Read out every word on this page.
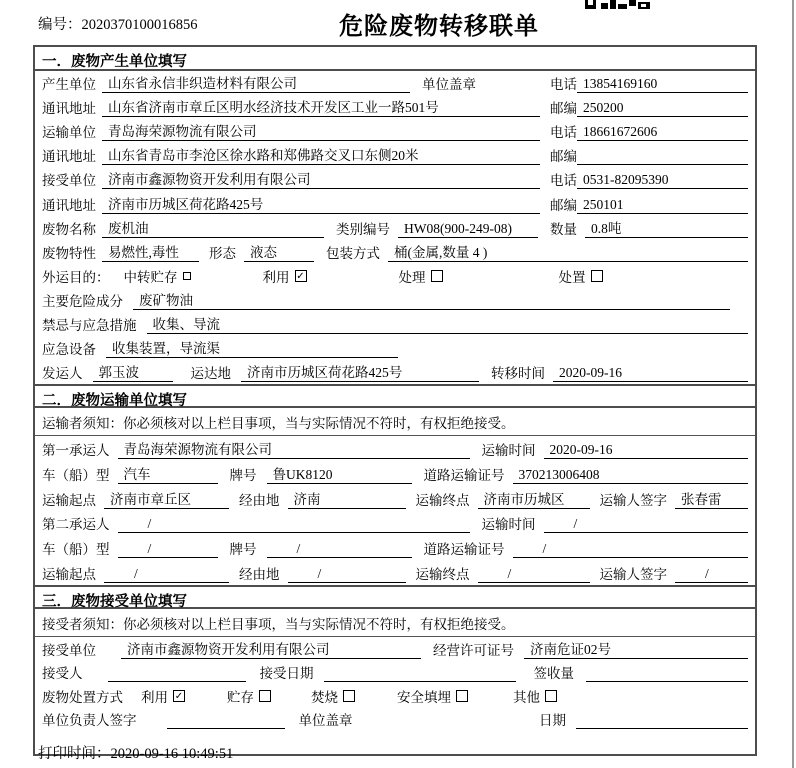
编号：2020370100016856	危险废物转移联单
一．废物产生单位填写
产生单位 山东省永信非织造材料有限公司	单位盖章	电话 13854169160
通讯地址 山东省济南市章丘区明水经济技术开发区工业一路501号	邮编 250200
运输单位 青岛海荣源物流有限公司	电话 18661672606
通讯地址 山东省青岛市李沧区徐水路和郑佛路交叉口东侧20米	邮编
接受单位 济南市鑫源物资开发利用有限公司	电话 0531-82095390
通讯地址 济南市历城区荷花路425号	邮编 250101
废物名称 废机油	类别编号	HW08(900-249-08)	数量	0.8吨
废物特性 易燃性,毒性	形态	液态	包装方式	桶(金属,数量 4 )
外运目的： 中转贮存	利用 ✓	处理	处置
主要危险成分	废矿物油
禁忌与应急措施	收集、导流
应急设备	收集装置，导流渠
发运人	郭玉波	运达地	济南市历城区荷花路425号	转移时间	2020-09-16
二．废物运输单位填写
运输者须知：你必须核对以上栏目事项，当与实际情况不符时，有权拒绝接受。
第一承运人	青岛海荣源物流有限公司	运输时间	2020-09-16
车（船）型	汽车	牌号	鲁UK8120	道路运输证号	370213006408
运输起点	济南市章丘区	经由地	济南	运输终点	济南市历城区	运输人签字	张春雷
第二承运人	/	运输时间	/
车（船）型	/	牌号	/	道路运输证号	/
运输起点	/	经由地	/	运输终点	/	运输人签字	/
三．废物接受单位填写
接受者须知：你必须核对以上栏目事项，当与实际情况不符时，有权拒绝接受。
接受单位	济南市鑫源物资开发利用有限公司	经营许可证号	济南危证02号
接受人	接受日期	签收量
废物处置方式 利用 ✓	贮存	焚烧	安全填埋	其他
单位负责人签字	单位盖章	日期
打印时间：2020-09-16 10:49:51
